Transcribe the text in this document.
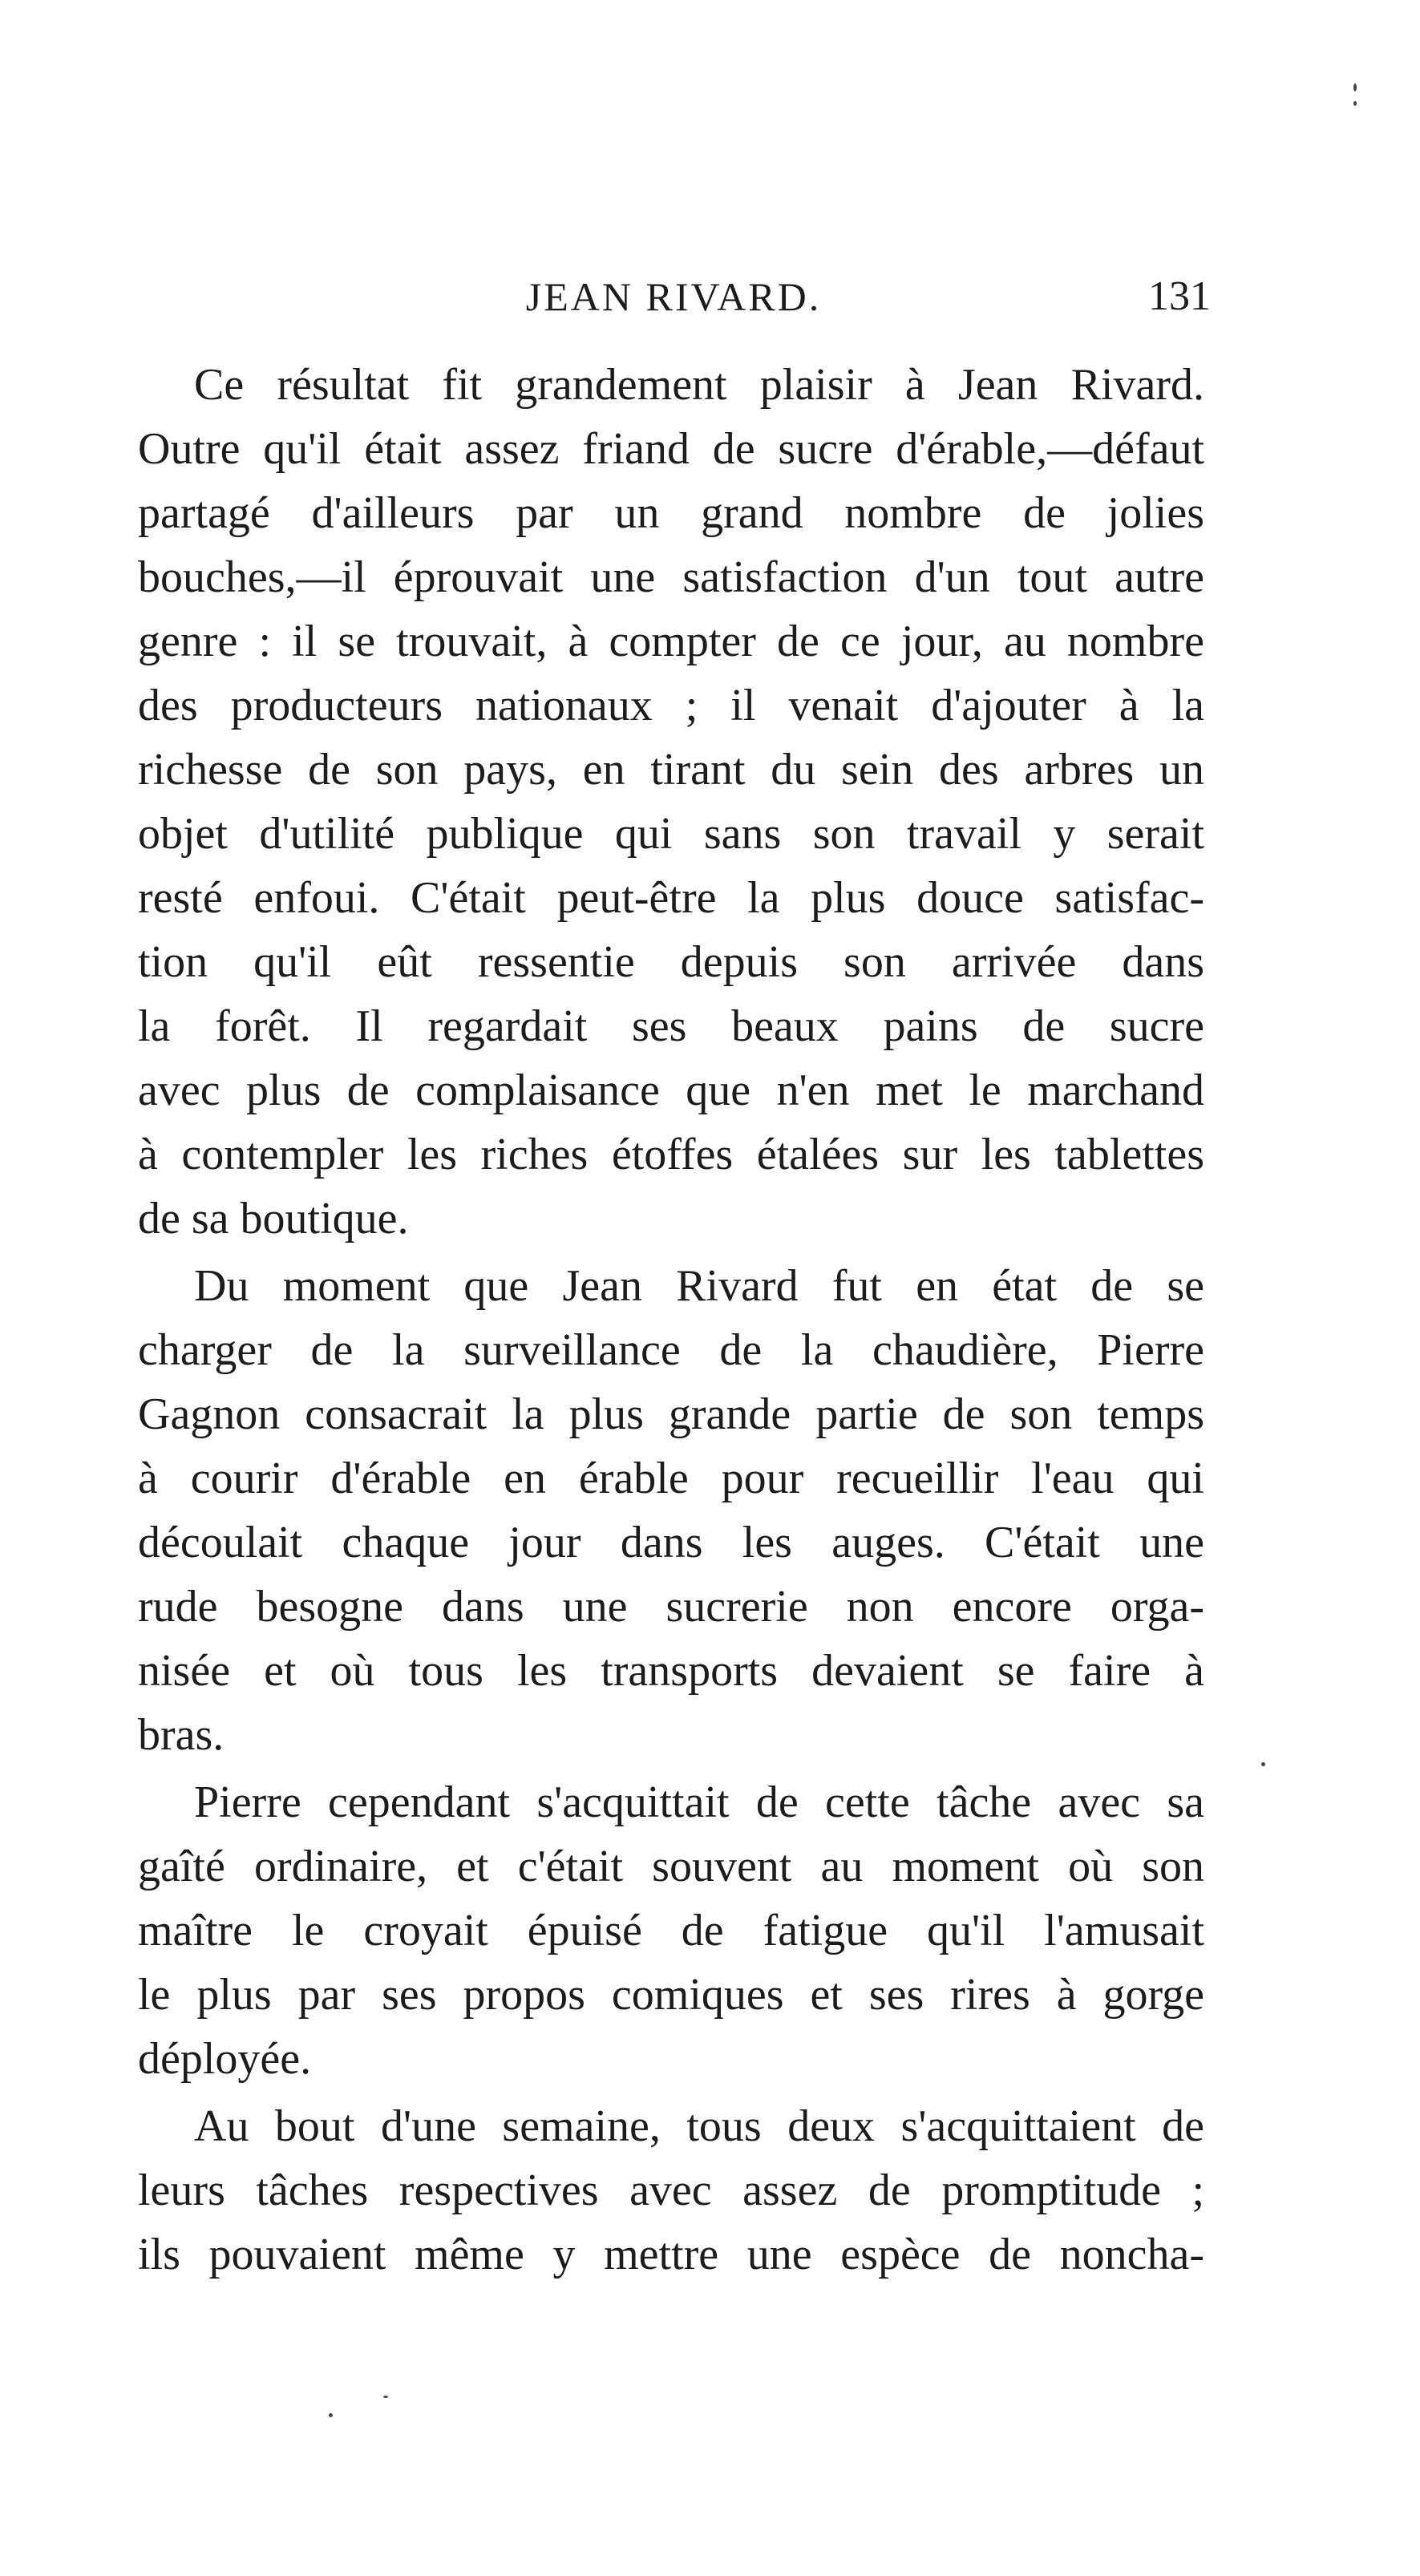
JEAN RIVARD.	131
Ce résultat fit grandement plaisir à Jean Rivard.
Outre qu'il était assez friand de sucre d'érable,—défaut
partagé d'ailleurs par un grand nombre de jolies
bouches,—il éprouvait une satisfaction d'un tout autre
genre : il se trouvait, à compter de ce jour, au nombre
des producteurs nationaux ; il venait d'ajouter à la
richesse de son pays, en tirant du sein des arbres un
objet d'utilité publique qui sans son travail y serait
resté enfoui. C'était peut-être la plus douce satisfac-
tion qu'il eût ressentie depuis son arrivée dans
la forêt. Il regardait ses beaux pains de sucre
avec plus de complaisance que n'en met le marchand
à contempler les riches étoffes étalées sur les tablettes
de sa boutique.
Du moment que Jean Rivard fut en état de se
charger de la surveillance de la chaudière, Pierre
Gagnon consacrait la plus grande partie de son temps
à courir d'érable en érable pour recueillir l'eau qui
découlait chaque jour dans les auges. C'était une
rude besogne dans une sucrerie non encore orga-
nisée et où tous les transports devaient se faire à
bras.
Pierre cependant s'acquittait de cette tâche avec sa
gaîté ordinaire, et c'était souvent au moment où son
maître le croyait épuisé de fatigue qu'il l'amusait
le plus par ses propos comiques et ses rires à gorge
déployée.
Au bout d'une semaine, tous deux s'acquittaient de
leurs tâches respectives avec assez de promptitude ;
ils pouvaient même y mettre une espèce de noncha-
